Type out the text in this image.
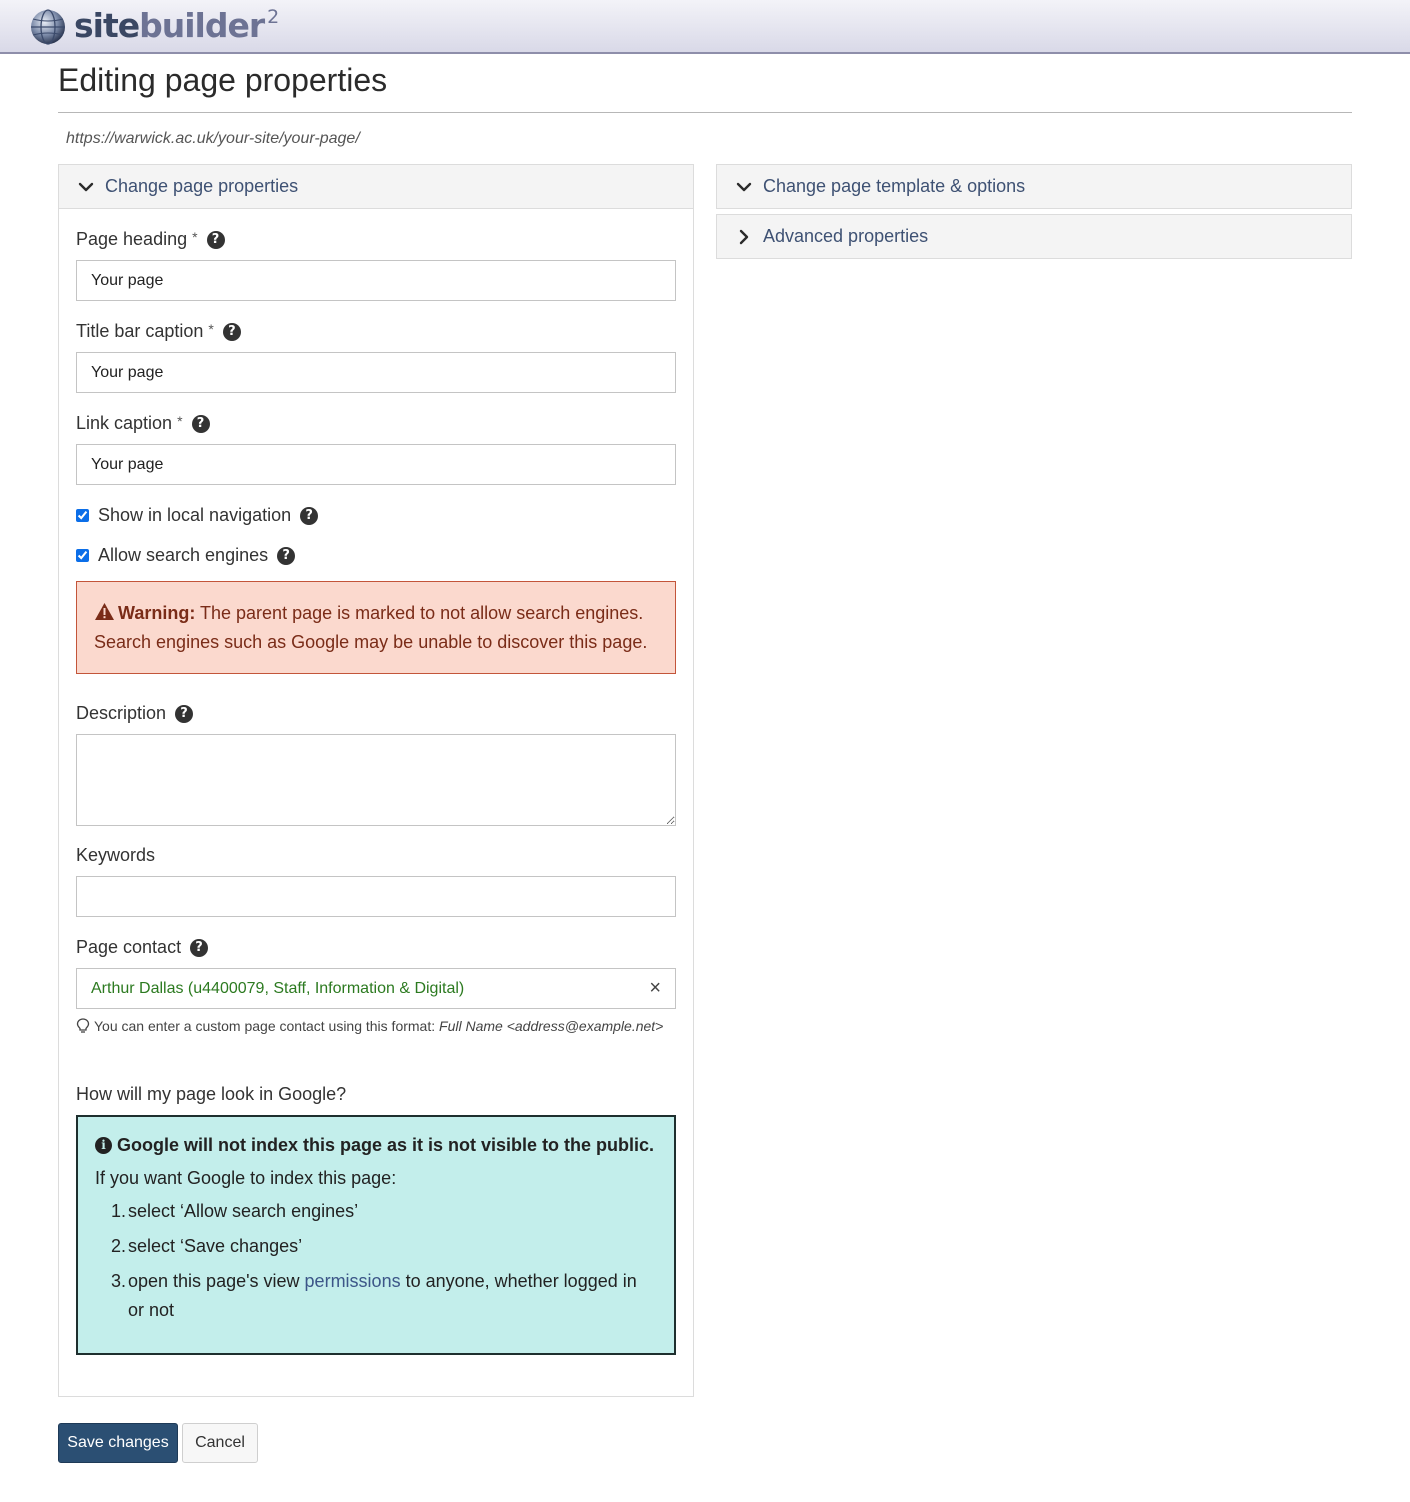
sitebuilder $^2$
Editing page properties
https://warwick.ac.uk/your-site/your-page/
Change page properties
Page heading *	?
Your page
Title bar caption *	?
Your page
Link caption *	?
Your page
Show in local navigation	?
Allow search engines	?
Warning: The parent page is marked to not allow search engines. Search engines such as Google may be unable to discover this page.
Description	?
Keywords
Page contact	?
Arthur Dallas (u4400079, Staff, Information & Digital)	×
You can enter a custom page contact using this format: Full Name <address@example.net>
How will my page look in Google?
i Google will not index this page as it is not visible to the public.
If you want Google to index this page:
1. select ‘Allow search engines’
2. select ‘Save changes’
3. open this page's view permissions to anyone, whether logged in or not
Change page template & options
Advanced properties
Save changes	Cancel
